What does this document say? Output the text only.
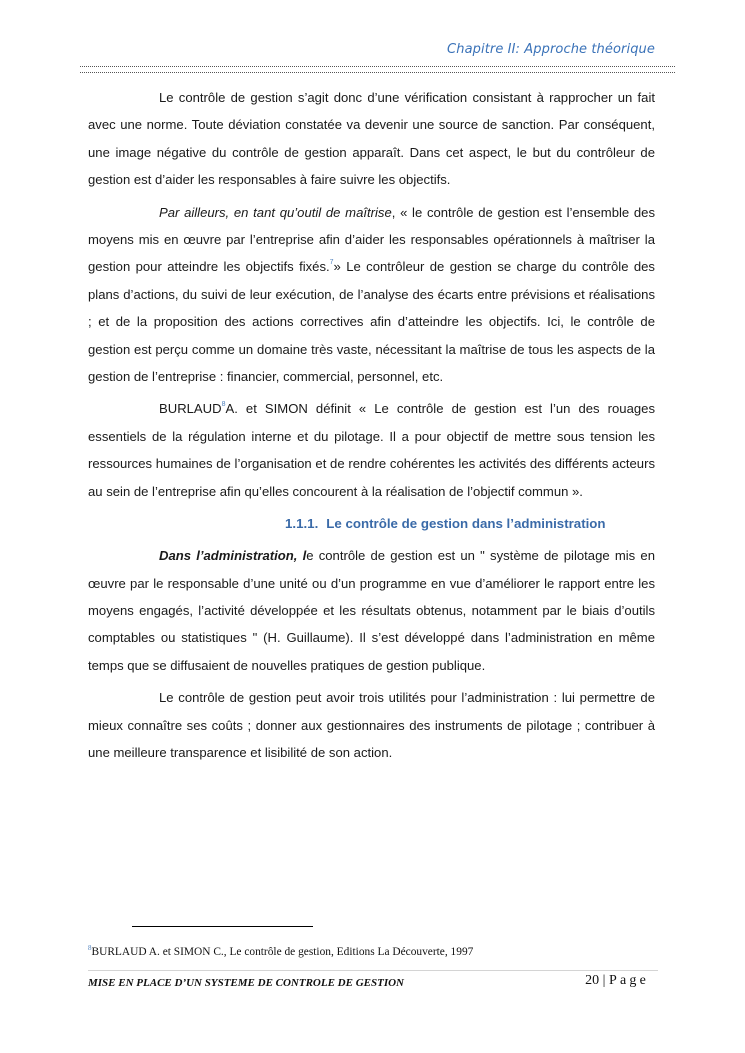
Chapitre II: Approche théorique

Le contrôle de gestion s’agit donc d’une vérification consistant à rapprocher un fait avec une norme. Toute déviation constatée va devenir une source de sanction. Par conséquent, une image négative du contrôle de gestion apparaît. Dans cet aspect, le but du contrôleur de gestion est d’aider les responsables à faire suivre les objectifs.

Par ailleurs, en tant qu’outil de maîtrise, « le contrôle de gestion est l’ensemble des moyens mis en œuvre par l’entreprise afin d’aider les responsables opérationnels à maîtriser la gestion pour atteindre les objectifs fixés.$^7$» Le contrôleur de gestion se charge du contrôle des plans d’actions, du suivi de leur exécution, de l’analyse des écarts entre prévisions et réalisations ; et de la proposition des actions correctives afin d’atteindre les objectifs. Ici, le contrôle de gestion est perçu comme un domaine très vaste, nécessitant la maîtrise de tous les aspects de la gestion de l’entreprise : financier, commercial, personnel, etc.

BURLAUD$^8$A. et SIMON définit « Le contrôle de gestion est l’un des rouages essentiels de la régulation interne et du pilotage. Il a pour objectif de mettre sous tension les ressources humaines de l’organisation et de rendre cohérentes les activités des différents acteurs au sein de l’entreprise afin qu’elles concourent à la réalisation de l’objectif commun ».

1.1.1. Le contrôle de gestion dans l’administration

Dans l’administration, le contrôle de gestion est un " système de pilotage mis en œuvre par le responsable d’une unité ou d’un programme en vue d’améliorer le rapport entre les moyens engagés, l’activité développée et les résultats obtenus, notamment par le biais d’outils comptables ou statistiques " (H. Guillaume). Il s’est développé dans l’administration en même temps que se diffusaient de nouvelles pratiques de gestion publique.

Le contrôle de gestion peut avoir trois utilités pour l’administration : lui permettre de mieux connaître ses coûts ; donner aux gestionnaires des instruments de pilotage ; contribuer à une meilleure transparence et lisibilité de son action.

$^8$BURLAUD A. et SIMON C., Le contrôle de gestion, Editions La Découverte, 1997
MISE EN PLACE D’UN SYSTEME DE CONTROLE DE GESTION	20 | Page
